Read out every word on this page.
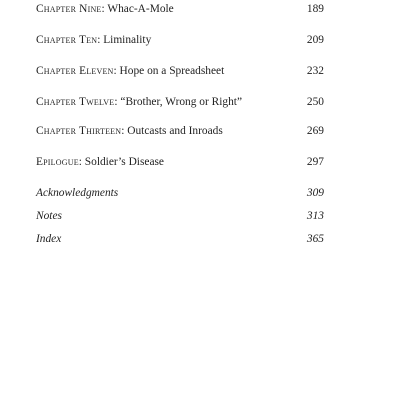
Chapter Nine: Whac-A-Mole	189
Chapter Ten: Liminality	209
Chapter Eleven: Hope on a Spreadsheet	232
Chapter Twelve: “Brother, Wrong or Right”	250
Chapter Thirteen: Outcasts and Inroads	269
Epilogue: Soldier’s Disease	297
Acknowledgments	309
Notes	313
Index	365
